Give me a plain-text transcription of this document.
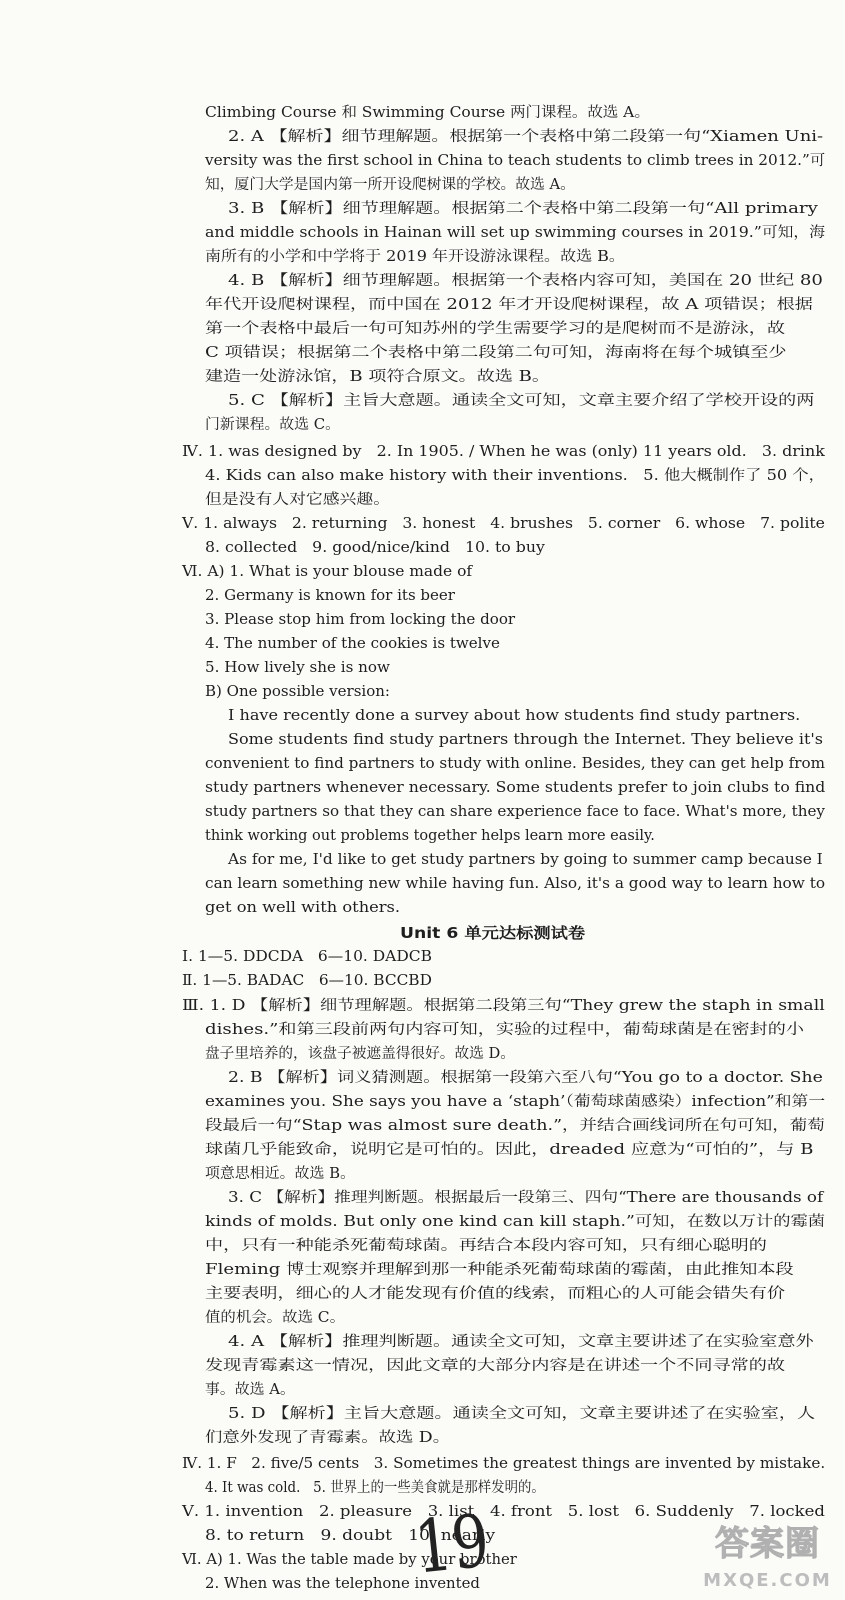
Climbing Course 和 Swimming Course 两门课程。故选 A。
2. A 【解析】细节理解题。根据第一个表格中第二段第一句“Xiamen Uni-
versity was the first school in China to teach students to climb trees in 2012.”可
知，厦门大学是国内第一所开设爬树课的学校。故选 A。
3. B 【解析】细节理解题。根据第二个表格中第二段第一句“All primary
and middle schools in Hainan will set up swimming courses in 2019.”可知，海
南所有的小学和中学将于 2019 年开设游泳课程。故选 B。
4. B 【解析】细节理解题。根据第一个表格内容可知，美国在 20 世纪 80
年代开设爬树课程，而中国在 2012 年才开设爬树课程，故 A 项错误；根据
第一个表格中最后一句可知苏州的学生需要学习的是爬树而不是游泳，故
C 项错误；根据第二个表格中第二段第二句可知，海南将在每个城镇至少
建造一处游泳馆，B 项符合原文。故选 B。
5. C 【解析】主旨大意题。通读全文可知，文章主要介绍了学校开设的两
门新课程。故选 C。
Ⅳ. 1. was designed by   2. In 1905. / When he was (only) 11 years old.   3. drink
4. Kids can also make history with their inventions.   5. 他大概制作了 50 个，
但是没有人对它感兴趣。
Ⅴ. 1. always   2. returning   3. honest   4. brushes   5. corner   6. whose   7. polite
8. collected   9. good/nice/kind   10. to buy
Ⅵ. A) 1. What is your blouse made of
2. Germany is known for its beer
3. Please stop him from locking the door
4. The number of the cookies is twelve
5. How lively she is now
B) One possible version:
I have recently done a survey about how students find study partners.
Some students find study partners through the Internet. They believe it's
convenient to find partners to study with online. Besides, they can get help from
study partners whenever necessary. Some students prefer to join clubs to find
study partners so that they can share experience face to face. What's more, they
think working out problems together helps learn more easily.
As for me, I'd like to get study partners by going to summer camp because I
can learn something new while having fun. Also, it's a good way to learn how to
get on well with others.
Unit 6 单元达标测试卷
Ⅰ. 1—5. DDCDA   6—10. DADCB
Ⅱ. 1—5. BADAC   6—10. BCCBD
Ⅲ. 1. D 【解析】细节理解题。根据第二段第三句“They grew the staph in small
dishes.”和第三段前两句内容可知，实验的过程中，葡萄球菌是在密封的小
盘子里培养的，该盘子被遮盖得很好。故选 D。
2. B 【解析】词义猜测题。根据第一段第六至八句“You go to a doctor. She
examines you. She says you have a ‘staph’（葡萄球菌感染）infection”和第一
段最后一句“Stap was almost sure death.”，并结合画线词所在句可知，葡萄
球菌几乎能致命，说明它是可怕的。因此，dreaded 应意为“可怕的”，与 B
项意思相近。故选 B。
3. C 【解析】推理判断题。根据最后一段第三、四句“There are thousands of
kinds of molds. But only one kind can kill staph.”可知，在数以万计的霉菌
中，只有一种能杀死葡萄球菌。再结合本段内容可知，只有细心聪明的
Fleming 博士观察并理解到那一种能杀死葡萄球菌的霉菌，由此推知本段
主要表明，细心的人才能发现有价值的线索，而粗心的人可能会错失有价
值的机会。故选 C。
4. A 【解析】推理判断题。通读全文可知，文章主要讲述了在实验室意外
发现青霉素这一情况，因此文章的大部分内容是在讲述一个不同寻常的故
事。故选 A。
5. D 【解析】主旨大意题。通读全文可知，文章主要讲述了在实验室，人
们意外发现了青霉素。故选 D。
Ⅳ. 1. F   2. five/5 cents   3. Sometimes the greatest things are invented by mistake.
4. It was cold.   5. 世界上的一些美食就是那样发明的。
Ⅴ. 1. invention   2. pleasure   3. list   4. front   5. lost   6. Suddenly   7. locked
8. to return   9. doubt   10. nearly
Ⅵ. A) 1. Was the table made by your brother
2. When was the telephone invented
19	答案圈
MXQE.COM
